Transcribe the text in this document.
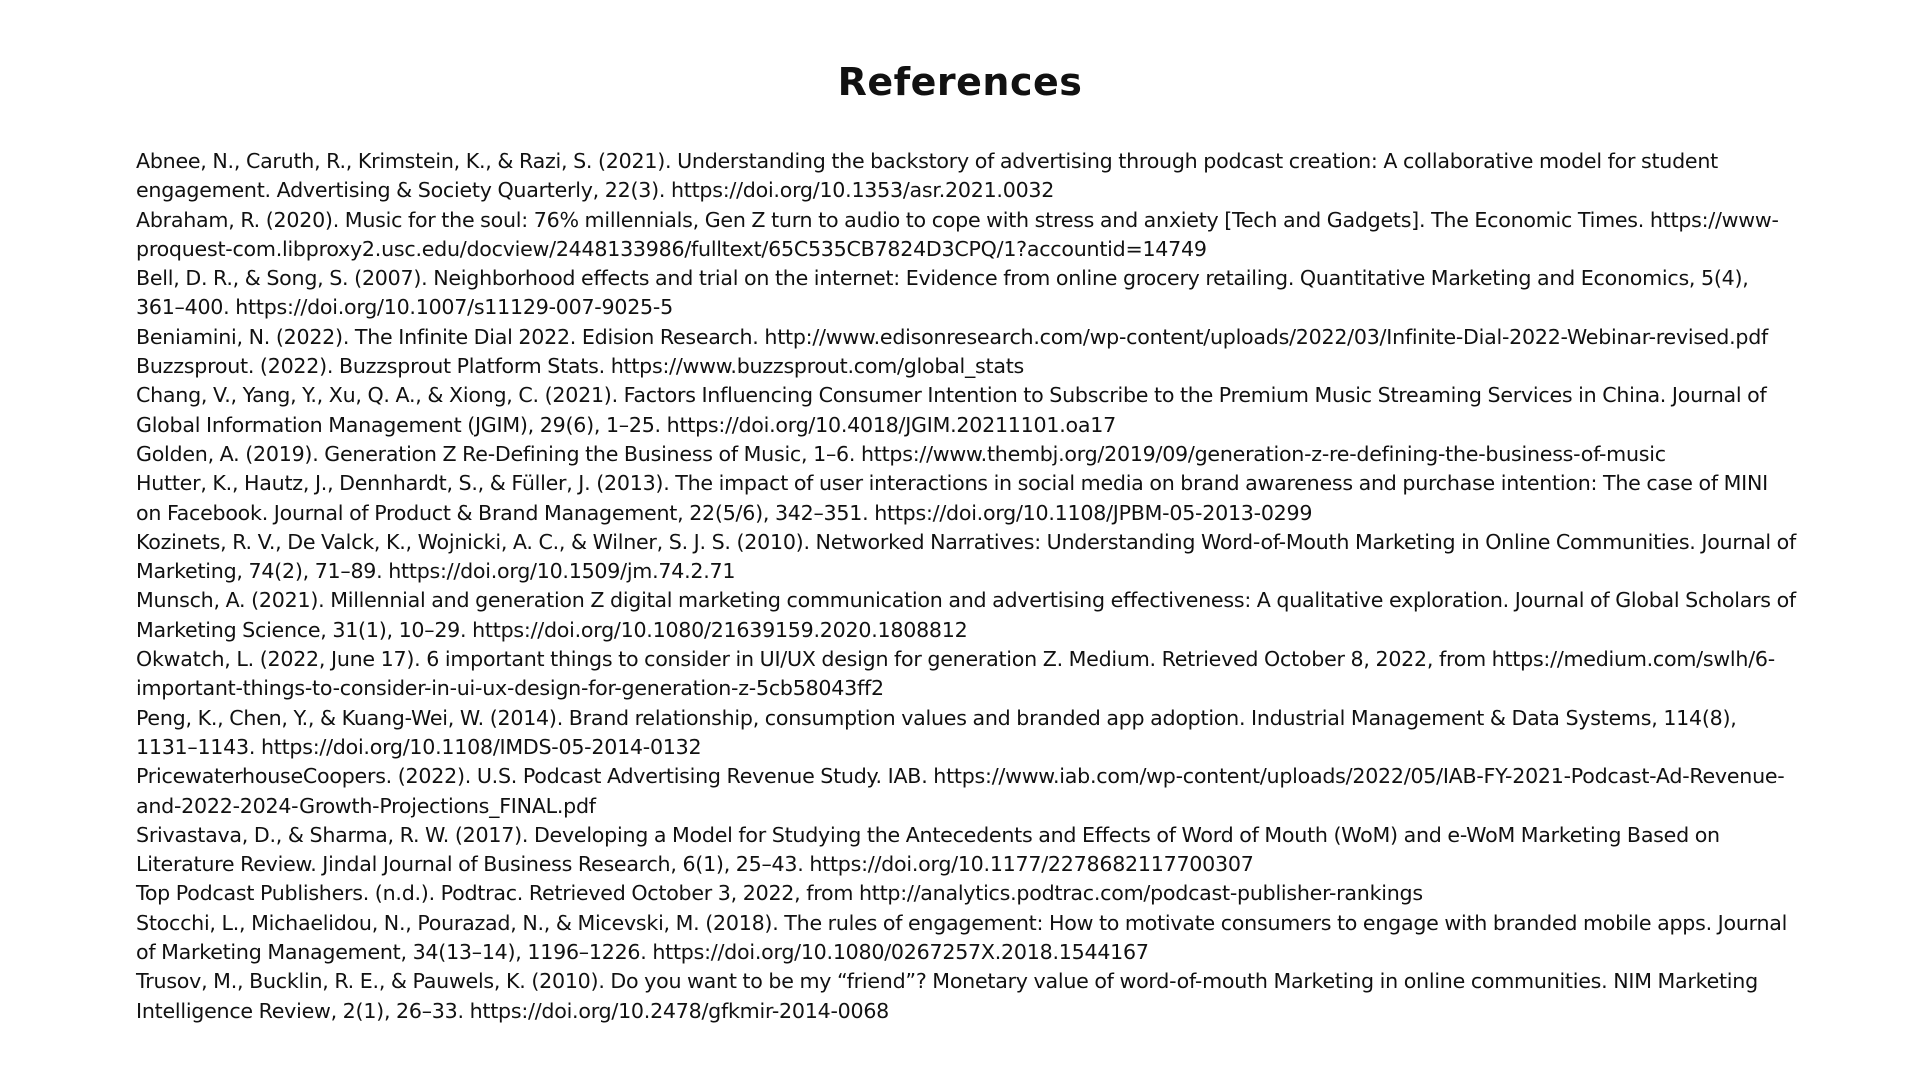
References
Abnee, N., Caruth, R., Krimstein, K., & Razi, S. (2021). Understanding the backstory of advertising through podcast creation: A collaborative model for student engagement. Advertising & Society Quarterly, 22(3). https://doi.org/10.1353/asr.2021.0032
Abraham, R. (2020). Music for the soul: 76% millennials, Gen Z turn to audio to cope with stress and anxiety [Tech and Gadgets]. The Economic Times. https://www-proquest-com.libproxy2.usc.edu/docview/2448133986/fulltext/65C535CB7824D3CPQ/1?accountid=14749
Bell, D. R., & Song, S. (2007). Neighborhood effects and trial on the internet: Evidence from online grocery retailing. Quantitative Marketing and Economics, 5(4), 361–400. https://doi.org/10.1007/s11129-007-9025-5
Beniamini, N. (2022). The Infinite Dial 2022. Edision Research. http://www.edisonresearch.com/wp-content/uploads/2022/03/Infinite-Dial-2022-Webinar-revised.pdf
Buzzsprout. (2022). Buzzsprout Platform Stats. https://www.buzzsprout.com/global_stats
Chang, V., Yang, Y., Xu, Q. A., & Xiong, C. (2021). Factors Influencing Consumer Intention to Subscribe to the Premium Music Streaming Services in China. Journal of Global Information Management (JGIM), 29(6), 1–25. https://doi.org/10.4018/JGIM.20211101.oa17
Golden, A. (2019). Generation Z Re-Defining the Business of Music, 1–6. https://www.thembj.org/2019/09/generation-z-re-defining-the-business-of-music
Hutter, K., Hautz, J., Dennhardt, S., & Füller, J. (2013). The impact of user interactions in social media on brand awareness and purchase intention: The case of MINI on Facebook. Journal of Product & Brand Management, 22(5/6), 342–351. https://doi.org/10.1108/JPBM-05-2013-0299
Kozinets, R. V., De Valck, K., Wojnicki, A. C., & Wilner, S. J. S. (2010). Networked Narratives: Understanding Word-of-Mouth Marketing in Online Communities. Journal of Marketing, 74(2), 71–89. https://doi.org/10.1509/jm.74.2.71
Munsch, A. (2021). Millennial and generation Z digital marketing communication and advertising effectiveness: A qualitative exploration. Journal of Global Scholars of Marketing Science, 31(1), 10–29. https://doi.org/10.1080/21639159.2020.1808812
Okwatch, L. (2022, June 17). 6 important things to consider in UI/UX design for generation Z. Medium. Retrieved October 8, 2022, from https://medium.com/swlh/6-important-things-to-consider-in-ui-ux-design-for-generation-z-5cb58043ff2
Peng, K., Chen, Y., & Kuang-Wei, W. (2014). Brand relationship, consumption values and branded app adoption. Industrial Management & Data Systems, 114(8), 1131–1143. https://doi.org/10.1108/IMDS-05-2014-0132
PricewaterhouseCoopers. (2022). U.S. Podcast Advertising Revenue Study. IAB. https://www.iab.com/wp-content/uploads/2022/05/IAB-FY-2021-Podcast-Ad-Revenue-and-2022-2024-Growth-Projections_FINAL.pdf
Srivastava, D., & Sharma, R. W. (2017). Developing a Model for Studying the Antecedents and Effects of Word of Mouth (WoM) and e-WoM Marketing Based on Literature Review. Jindal Journal of Business Research, 6(1), 25–43. https://doi.org/10.1177/2278682117700307
Top Podcast Publishers. (n.d.). Podtrac. Retrieved October 3, 2022, from http://analytics.podtrac.com/podcast-publisher-rankings
Stocchi, L., Michaelidou, N., Pourazad, N., & Micevski, M. (2018). The rules of engagement: How to motivate consumers to engage with branded mobile apps. Journal of Marketing Management, 34(13–14), 1196–1226. https://doi.org/10.1080/0267257X.2018.1544167
Trusov, M., Bucklin, R. E., & Pauwels, K. (2010). Do you want to be my “friend”? Monetary value of word-of-mouth Marketing in online communities. NIM Marketing Intelligence Review, 2(1), 26–33. https://doi.org/10.2478/gfkmir-2014-0068
